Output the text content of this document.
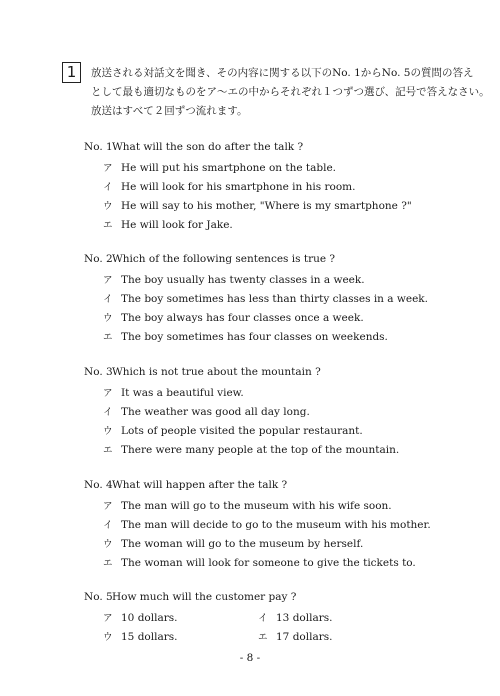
1	放送される対話文を聞き、その内容に関する以下のNo. 1からNo. 5の質問の答え
として最も適切なものをア～エの中からそれぞれ１つずつ選び、記号で答えなさい。
放送はすべて２回ずつ流れます。
No. 1What will the son do after the talk ?
ア He will put his smartphone on the table.
イ He will look for his smartphone in his room.
ウ He will say to his mother, "Where is my smartphone ?"
エ He will look for Jake.
No. 2Which of the following sentences is true ?
ア The boy usually has twenty classes in a week.
イ The boy sometimes has less than thirty classes in a week.
ウ The boy always has four classes once a week.
エ The boy sometimes has four classes on weekends.
No. 3Which is not true about the mountain ?
ア It was a beautiful view.
イ The weather was good all day long.
ウ Lots of people visited the popular restaurant.
エ There were many people at the top of the mountain.
No. 4What will happen after the talk ?
ア The man will go to the museum with his wife soon.
イ The man will decide to go to the museum with his mother.
ウ The woman will go to the museum by herself.
エ The woman will look for someone to give the tickets to.
No. 5How much will the customer pay ?
ア 10 dollars.	イ 13 dollars.
ウ 15 dollars.	エ 17 dollars.
- 8 -
